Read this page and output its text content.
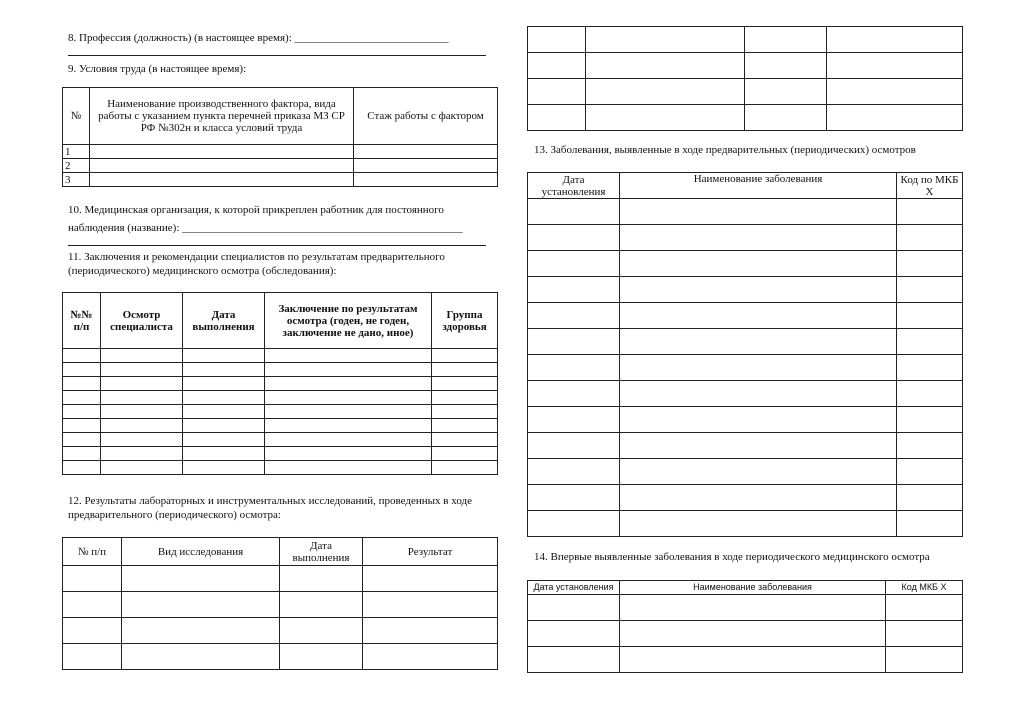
8. Профессия (должность) (в настоящее время): ____________________________
9. Условия труда (в настоящее время):
№	Наименование производственного фактора, вида работы с указанием пункта перечней приказа МЗ СР РФ №302н и класса условий труда	Стаж работы с фактором
1		
2		
3		
10. Медицинская организация, к которой прикреплен работник для постоянного
наблюдения (название): ___________________________________________________
11. Заключения и рекомендации специалистов по результатам предварительного (периодического) медицинского осмотра (обследования):
№№ п/п	Осмотр специалиста	Дата выполнения	Заключение по результатам осмотра (годен, не годен, заключение не дано, иное)	Группа здоровья

12. Результаты лабораторных и инструментальных исследований, проведенных в ходе предварительного (периодического) осмотра:
№ п/п	Вид исследования	Дата выполнения	Результат

13. Заболевания, выявленные в ходе предварительных (периодических) осмотров
Дата установления	Наименование заболевания	Код по МКБ Х

14. Впервые выявленные заболевания в ходе периодического медицинского осмотра
Дата установления	Наименование заболевания	Код МКБ Х
